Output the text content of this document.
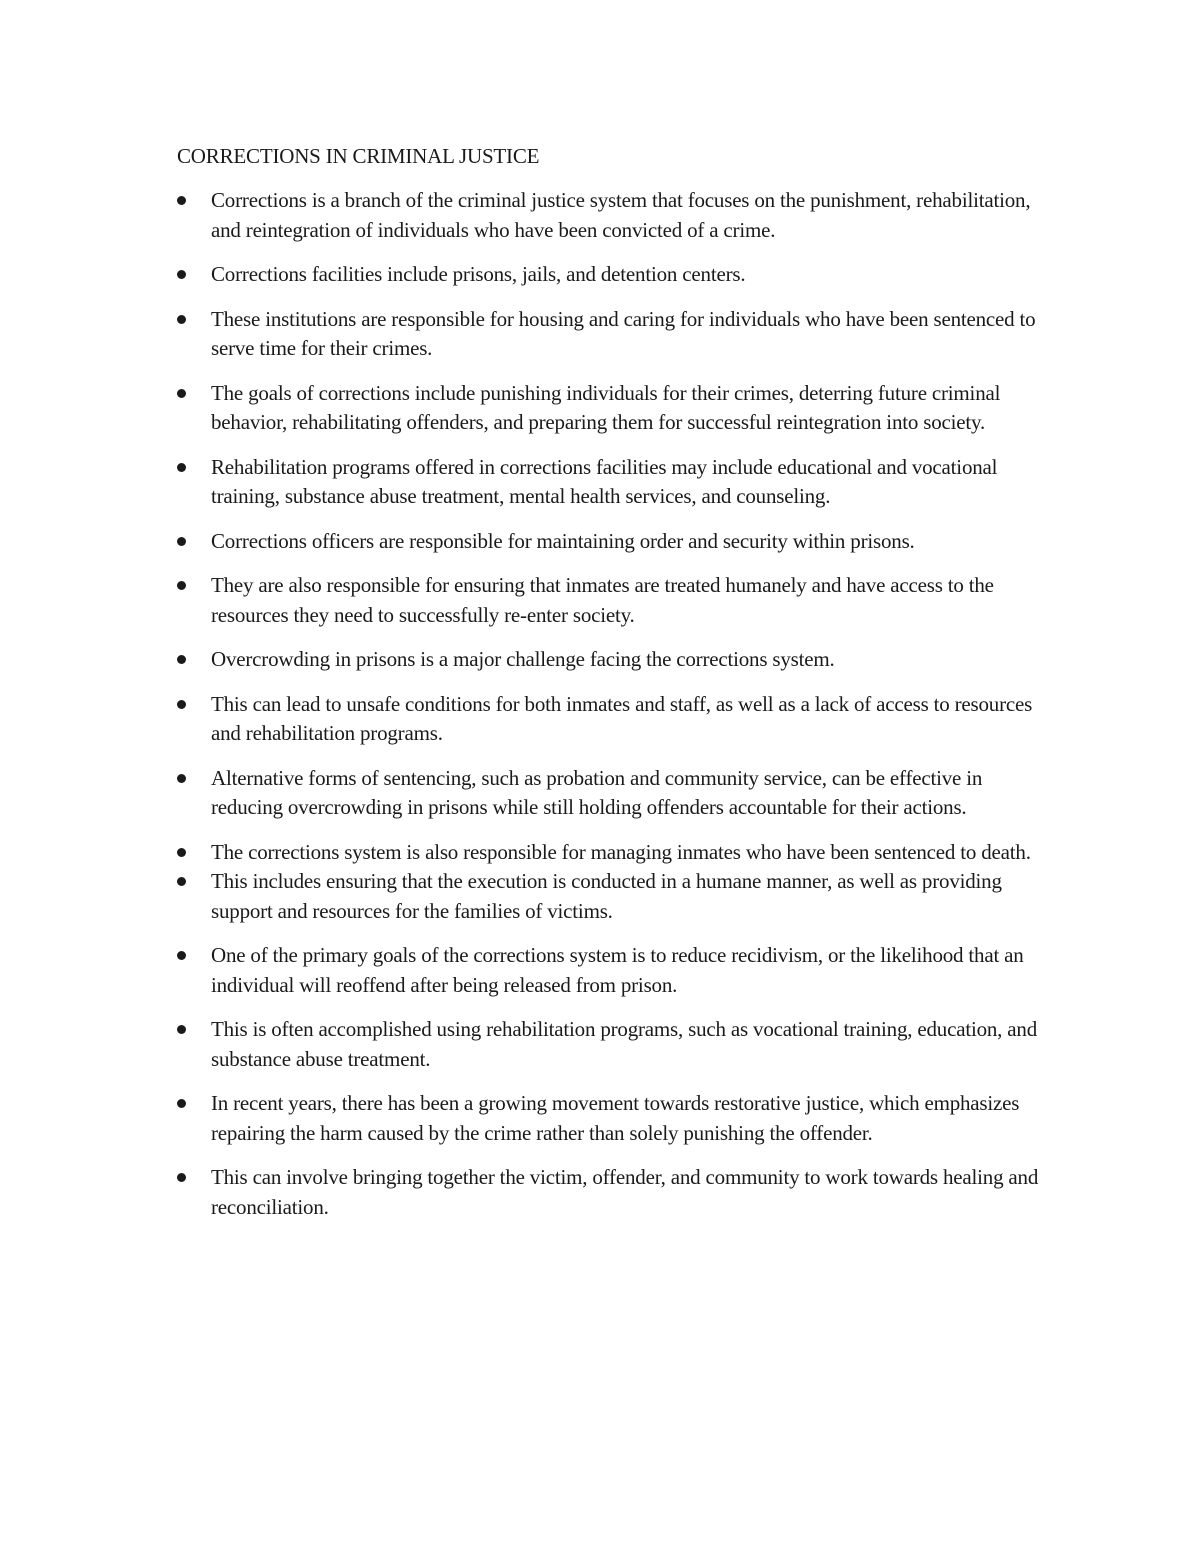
CORRECTIONS IN CRIMINAL JUSTICE
Corrections is a branch of the criminal justice system that focuses on the punishment, rehabilitation, and reintegration of individuals who have been convicted of a crime.
Corrections facilities include prisons, jails, and detention centers.
These institutions are responsible for housing and caring for individuals who have been sentenced to serve time for their crimes.
The goals of corrections include punishing individuals for their crimes, deterring future criminal behavior, rehabilitating offenders, and preparing them for successful reintegration into society.
Rehabilitation programs offered in corrections facilities may include educational and vocational training, substance abuse treatment, mental health services, and counseling.
Corrections officers are responsible for maintaining order and security within prisons.
They are also responsible for ensuring that inmates are treated humanely and have access to the resources they need to successfully re-enter society.
Overcrowding in prisons is a major challenge facing the corrections system.
This can lead to unsafe conditions for both inmates and staff, as well as a lack of access to resources and rehabilitation programs.
Alternative forms of sentencing, such as probation and community service, can be effective in reducing overcrowding in prisons while still holding offenders accountable for their actions.
The corrections system is also responsible for managing inmates who have been sentenced to death.
This includes ensuring that the execution is conducted in a humane manner, as well as providing support and resources for the families of victims.
One of the primary goals of the corrections system is to reduce recidivism, or the likelihood that an individual will reoffend after being released from prison.
This is often accomplished using rehabilitation programs, such as vocational training, education, and substance abuse treatment.
In recent years, there has been a growing movement towards restorative justice, which emphasizes repairing the harm caused by the crime rather than solely punishing the offender.
This can involve bringing together the victim, offender, and community to work towards healing and reconciliation.
